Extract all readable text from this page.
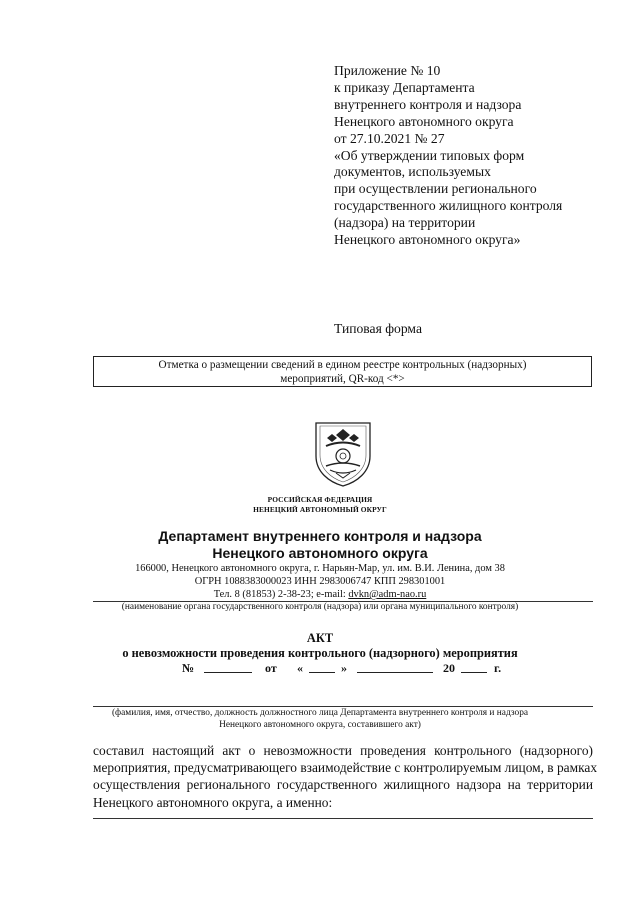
Приложение № 10
к приказу Департамента
внутреннего контроля и надзора
Ненецкого автономного округа
от 27.10.2021 № 27
«Об утверждении типовых форм
документов, используемых
при осуществлении регионального
государственного жилищного контроля
(надзора) на территории
Ненецкого автономного округа»
Типовая форма
Отметка о размещении сведений в едином реестре контрольных (надзорных)
мероприятий, QR-код <*>
РОССИЙСКАЯ ФЕДЕРАЦИЯ
НЕНЕЦКИЙ АВТОНОМНЫЙ ОКРУГ
Департамент внутреннего контроля и надзора
Ненецкого автономного округа
166000, Ненецкого автономного округа, г. Нарьян-Мар, ул. им. В.И. Ленина, дом 38
ОГРН 1088383000023 ИНН 2983006747 КПП 298301001
Тел. 8 (81853) 2-38-23; e-mail: dvkn@adm-nao.ru
(наименование органа государственного контроля (надзора) или органа муниципального контроля)
АКТ
о невозможности проведения контрольного (надзорного) мероприятия
№	от «	»	20	г.
(фамилия, имя, отчество, должность должностного лица Департамента внутреннего контроля и надзора
Ненецкого автономного округа, составившего акт)
составил настоящий акт о невозможности проведения контрольного (надзорного)
мероприятия, предусматривающего взаимодействие с контролируемым лицом, в рамках
осуществления регионального государственного жилищного надзора на территории
Ненецкого автономного округа, а именно:
